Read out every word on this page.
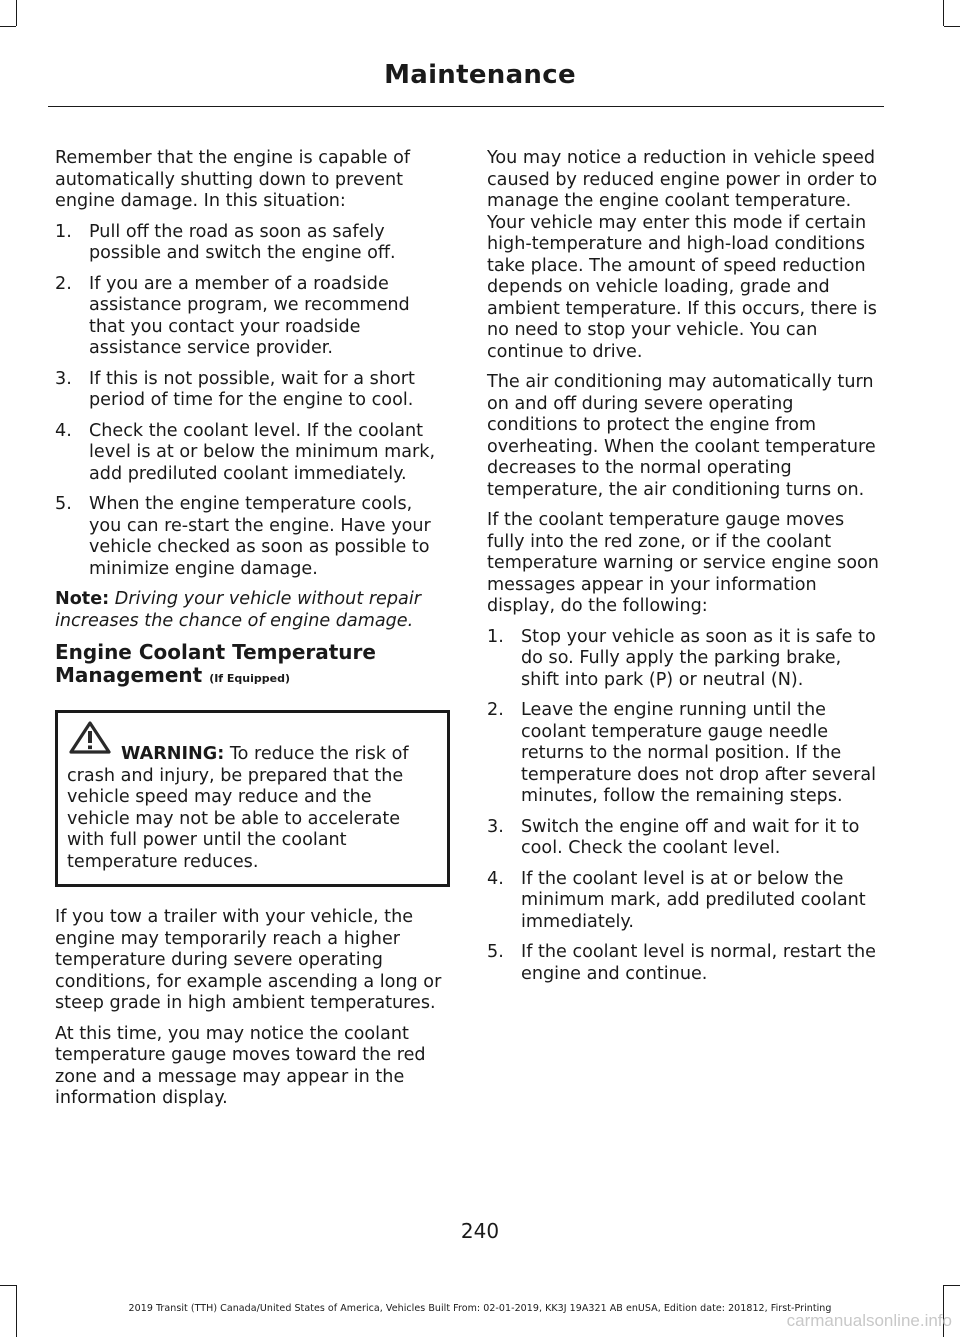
Maintenance

Remember that the engine is capable of automatically shutting down to prevent engine damage. In this situation:

1. Pull off the road as soon as safely possible and switch the engine off.
2. If you are a member of a roadside assistance program, we recommend that you contact your roadside assistance service provider.
3. If this is not possible, wait for a short period of time for the engine to cool.
4. Check the coolant level. If the coolant level is at or below the minimum mark, add prediluted coolant immediately.
5. When the engine temperature cools, you can re-start the engine. Have your vehicle checked as soon as possible to minimize engine damage.

Note: Driving your vehicle without repair increases the chance of engine damage.

Engine Coolant Temperature Management (If Equipped)
WARNING: To reduce the risk of crash and injury, be prepared that the vehicle speed may reduce and the vehicle may not be able to accelerate with full power until the coolant temperature reduces.

If you tow a trailer with your vehicle, the engine may temporarily reach a higher temperature during severe operating conditions, for example ascending a long or steep grade in high ambient temperatures.

At this time, you may notice the coolant temperature gauge moves toward the red zone and a message may appear in the information display.

You may notice a reduction in vehicle speed caused by reduced engine power in order to manage the engine coolant temperature. Your vehicle may enter this mode if certain high-temperature and high-load conditions take place. The amount of speed reduction depends on vehicle loading, grade and ambient temperature. If this occurs, there is no need to stop your vehicle. You can continue to drive.

The air conditioning may automatically turn on and off during severe operating conditions to protect the engine from overheating. When the coolant temperature decreases to the normal operating temperature, the air conditioning turns on.

If the coolant temperature gauge moves fully into the red zone, or if the coolant temperature warning or service engine soon messages appear in your information display, do the following:

1. Stop your vehicle as soon as it is safe to do so. Fully apply the parking brake, shift into park (P) or neutral (N).
2. Leave the engine running until the coolant temperature gauge needle returns to the normal position. If the temperature does not drop after several minutes, follow the remaining steps.
3. Switch the engine off and wait for it to cool. Check the coolant level.
4. If the coolant level is at or below the minimum mark, add prediluted coolant immediately.
5. If the coolant level is normal, restart the engine and continue.
240
2019 Transit (TTH) Canada/United States of America, Vehicles Built From: 02-01-2019, KK3J 19A321 AB enUSA, Edition date: 201812, First-Printing
carmanualsonline.info
